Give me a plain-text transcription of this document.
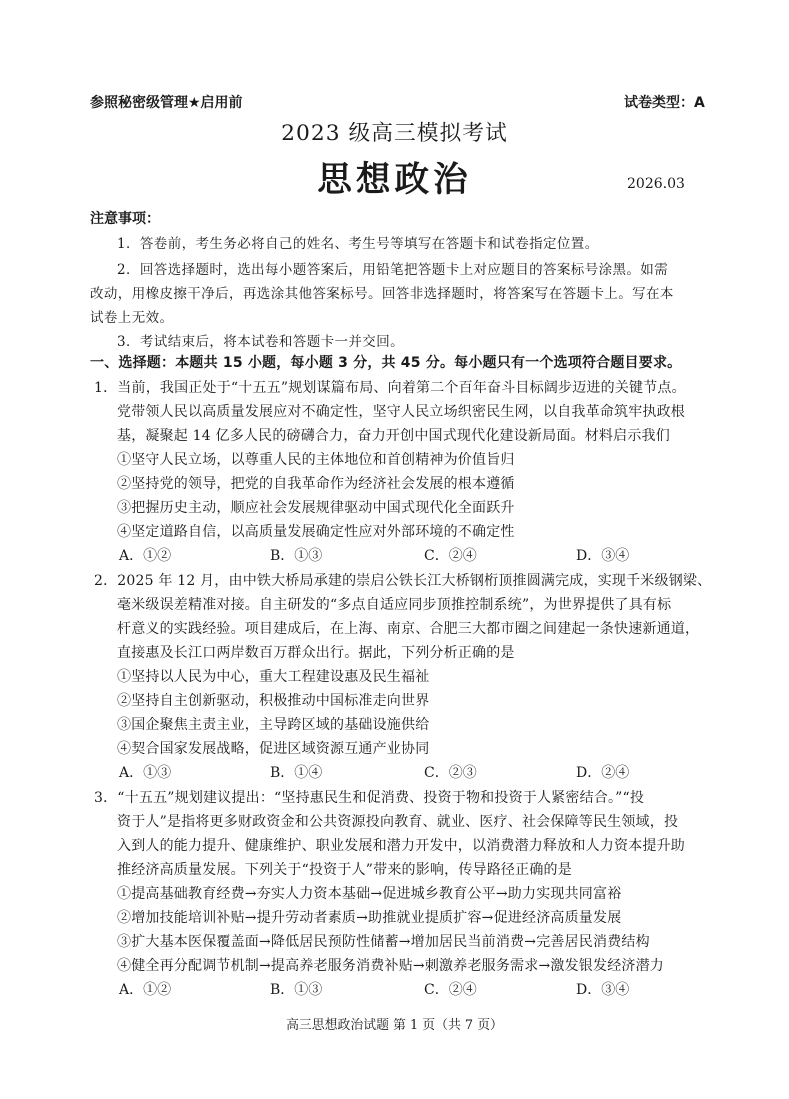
参照秘密级管理★启用前	试卷类型：A
2023 级高三模拟考试
思想政治	2026.03
注意事项：
1．答卷前，考生务必将自己的姓名、考生号等填写在答题卡和试卷指定位置。
2．回答选择题时，选出每小题答案后，用铅笔把答题卡上对应题目的答案标号涂黑。如需
改动，用橡皮擦干净后，再选涂其他答案标号。回答非选择题时，将答案写在答题卡上。写在本
试卷上无效。
3．考试结束后，将本试卷和答题卡一并交回。
一、选择题：本题共 15 小题，每小题 3 分，共 45 分。每小题只有一个选项符合题目要求。
1．当前，我国正处于“十五五”规划谋篇布局、向着第二个百年奋斗目标阔步迈进的关键节点。
党带领人民以高质量发展应对不确定性，坚守人民立场织密民生网，以自我革命筑牢执政根
基，凝聚起 14 亿多人民的磅礴合力，奋力开创中国式现代化建设新局面。材料启示我们
①坚守人民立场，以尊重人民的主体地位和首创精神为价值旨归
②坚持党的领导，把党的自我革命作为经济社会发展的根本遵循
③把握历史主动，顺应社会发展规律驱动中国式现代化全面跃升
④坚定道路自信，以高质量发展确定性应对外部环境的不确定性
A．①②	B．①③	C．②④	D．③④
2．2025 年 12 月，由中铁大桥局承建的崇启公铁长江大桥钢桁顶推圆满完成，实现千米级钢梁、
毫米级误差精准对接。自主研发的“多点自适应同步顶推控制系统”，为世界提供了具有标
杆意义的实践经验。项目建成后，在上海、南京、合肥三大都市圈之间建起一条快速新通道，
直接惠及长江口两岸数百万群众出行。据此，下列分析正确的是
①坚持以人民为中心，重大工程建设惠及民生福祉
②坚持自主创新驱动，积极推动中国标准走向世界
③国企聚焦主责主业，主导跨区域的基础设施供给
④契合国家发展战略，促进区域资源互通产业协同
A．①③	B．①④	C．②③	D．②④
3．“十五五”规划建议提出：“坚持惠民生和促消费、投资于物和投资于人紧密结合。”“投
资于人”是指将更多财政资金和公共资源投向教育、就业、医疗、社会保障等民生领域，投
入到人的能力提升、健康维护、职业发展和潜力开发中，以消费潜力释放和人力资本提升助
推经济高质量发展。下列关于“投资于人”带来的影响，传导路径正确的是
①提高基础教育经费→夯实人力资本基础→促进城乡教育公平→助力实现共同富裕
②增加技能培训补贴→提升劳动者素质→助推就业提质扩容→促进经济高质量发展
③扩大基本医保覆盖面→降低居民预防性储蓄→增加居民当前消费→完善居民消费结构
④健全再分配调节机制→提高养老服务消费补贴→刺激养老服务需求→激发银发经济潜力
A．①②	B．①③	C．②④	D．③④
高三思想政治试题 第 1 页（共 7 页）
